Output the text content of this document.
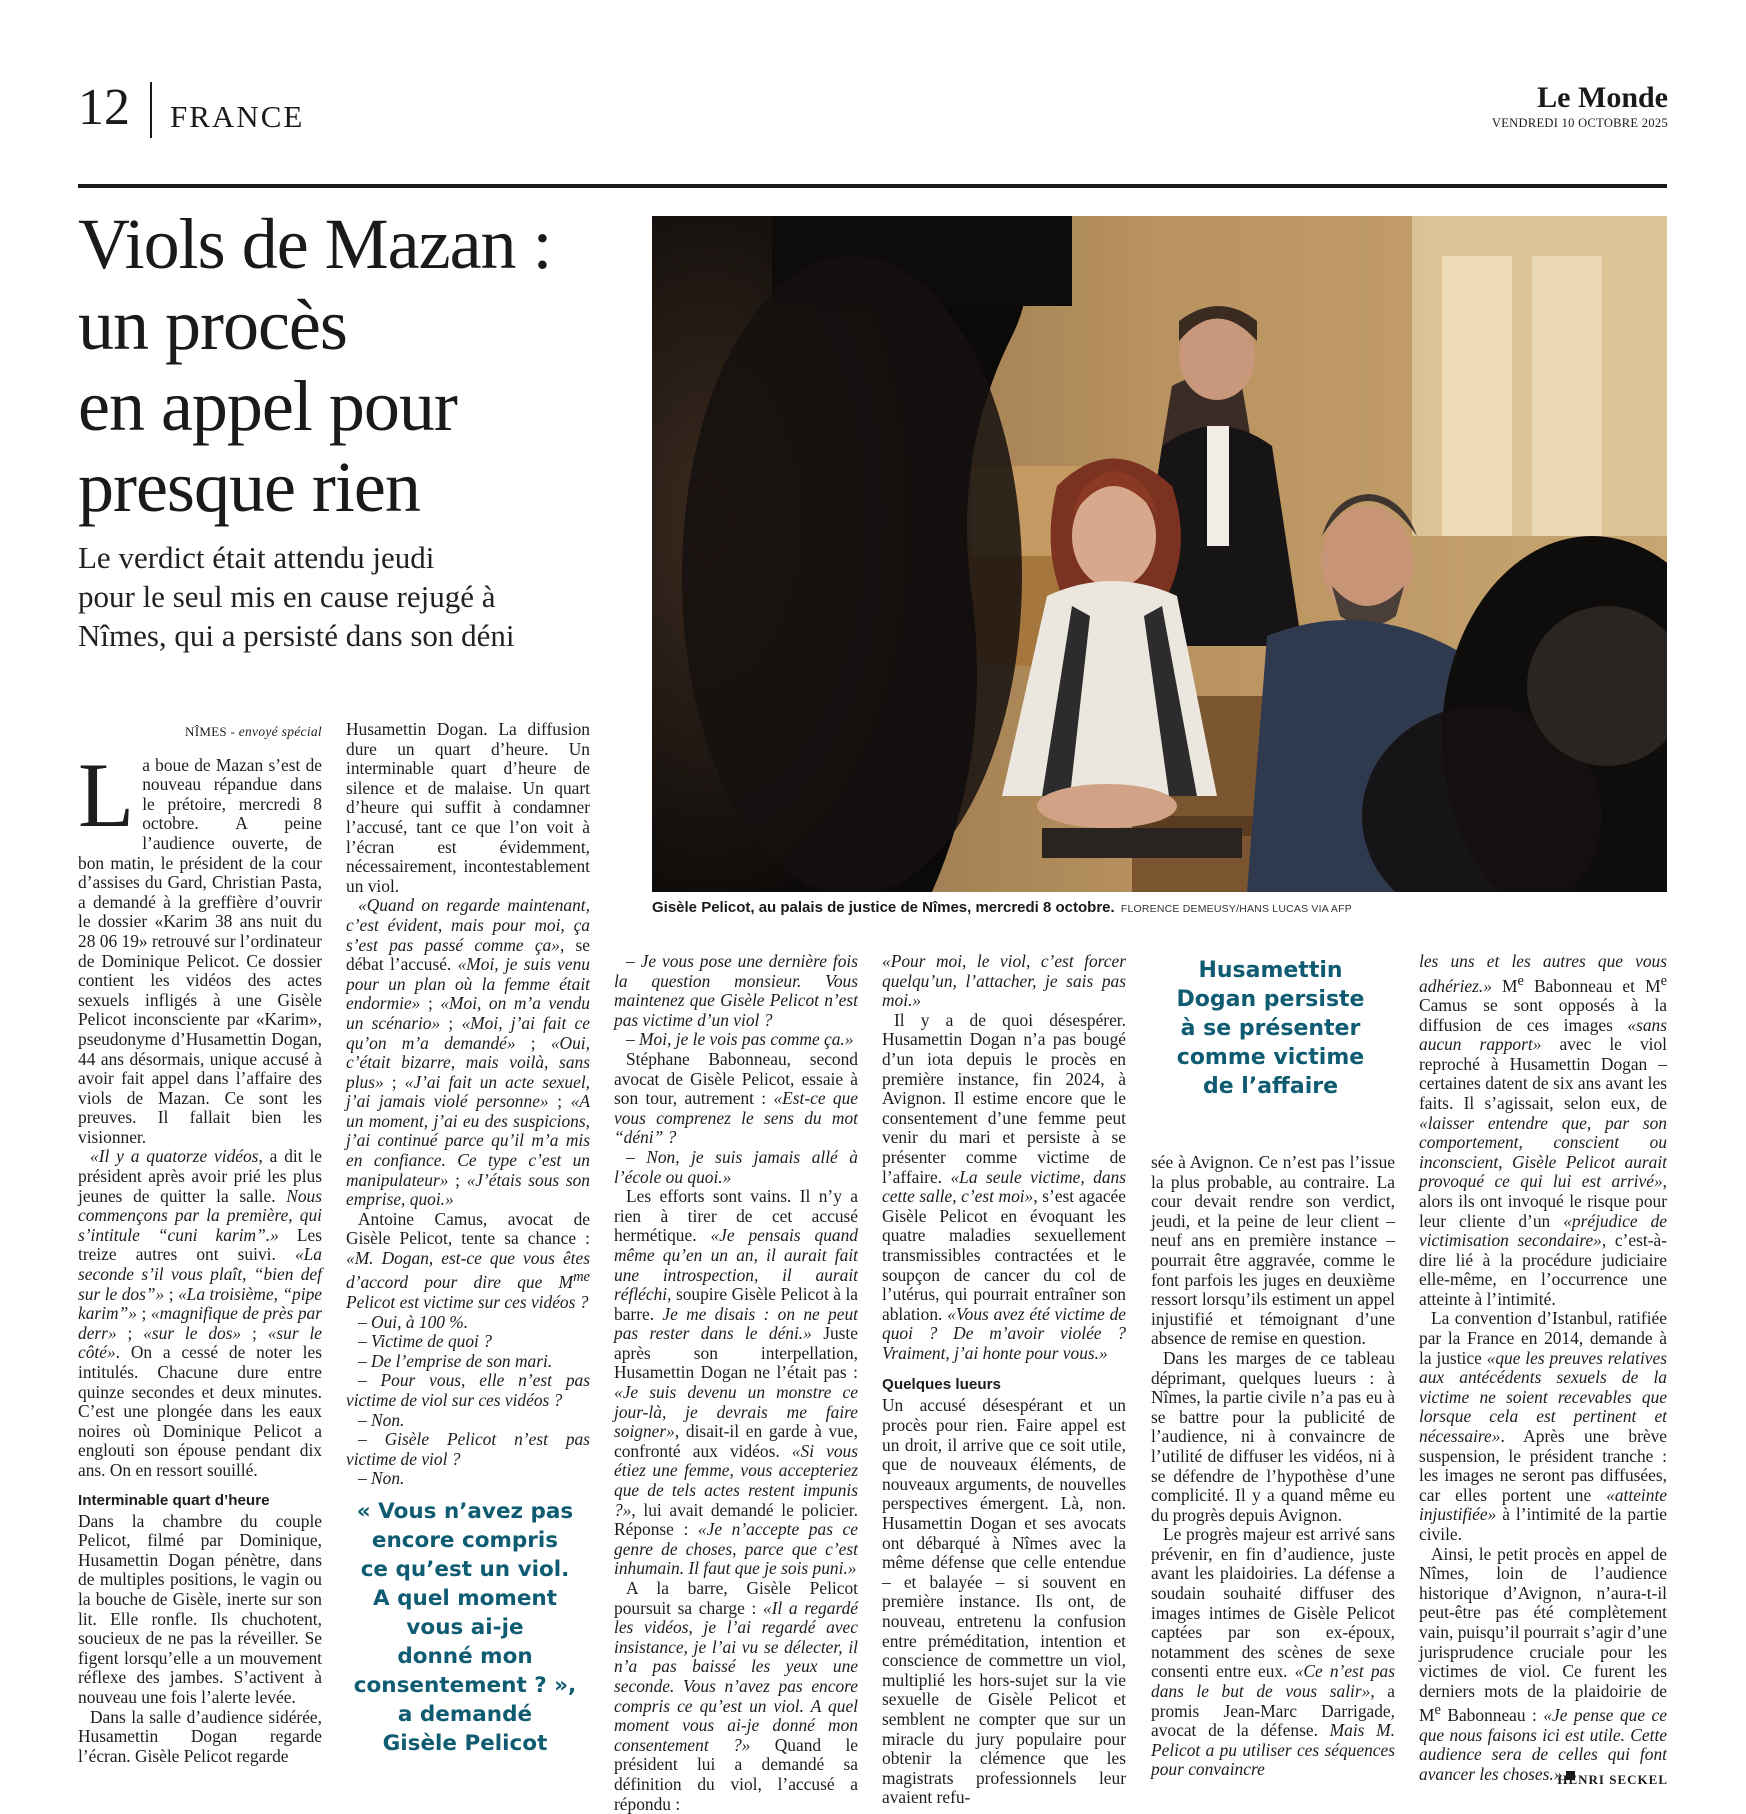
12 FRANCE
Le Monde
VENDREDI 10 OCTOBRE 2025
Viols de Mazan :
un procès
en appel pour
presque rien
Le verdict était attendu jeudi
pour le seul mis en cause rejugé à
Nîmes, qui a persisté dans son déni
Gisèle Pelicot, au palais de justice de Nîmes, mercredi 8 octobre. FLORENCE DEMEUSY/HANS LUCAS VIA AFP
NÎMES - envoyé spécial

La boue de Mazan s’est de nouveau répandue dans le prétoire, mercredi 8 octobre. A peine l’audience ouverte, de bon matin, le président de la cour d’assises du Gard, Christian Pasta, a demandé à la greffière d’ouvrir le dossier «Karim 38 ans nuit du 28 06 19» retrouvé sur l’ordinateur de Dominique Pelicot. Ce dossier contient les vidéos des actes sexuels infligés à une Gisèle Pelicot inconsciente par «Karim», pseudonyme d’Husamettin Dogan, 44 ans désormais, unique accusé à avoir fait appel dans l’affaire des viols de Mazan. Ce sont les preuves. Il fallait bien les visionner.

«Il y a quatorze vidéos, a dit le président après avoir prié les plus jeunes de quitter la salle. Nous commençons par la première, qui s’intitule “cuni karim”.» Les treize autres ont suivi. «La seconde s’il vous plaît, “bien def sur le dos”» ; «La troisième, “pipe karim”» ; «magnifique de près par derr» ; «sur le dos» ; «sur le côté». On a cessé de noter les intitulés. Chacune dure entre quinze secondes et deux minutes. C’est une plongée dans les eaux noires où Dominique Pelicot a englouti son épouse pendant dix ans. On en ressort souillé.

Interminable quart d’heure

Dans la chambre du couple Pelicot, filmé par Dominique, Husamettin Dogan pénètre, dans de multiples positions, le vagin ou la bouche de Gisèle, inerte sur son lit. Elle ronfle. Ils chuchotent, soucieux de ne pas la réveiller. Se figent lorsqu’elle a un mouvement réflexe des jambes. S’activent à nouveau une fois l’alerte levée.

Dans la salle d’audience sidérée, Husamettin Dogan regarde l’écran. Gisèle Pelicot regarde

Husamettin Dogan. La diffusion dure un quart d’heure. Un interminable quart d’heure de silence et de malaise. Un quart d’heure qui suffit à condamner l’accusé, tant ce que l’on voit à l’écran est évidemment, nécessairement, incontestablement un viol.

«Quand on regarde maintenant, c’est évident, mais pour moi, ça s’est pas passé comme ça», se débat l’accusé. «Moi, je suis venu pour un plan où la femme était endormie» ; «Moi, on m’a vendu un scénario» ; «Moi, j’ai fait ce qu’on m’a demandé» ; «Oui, c’était bizarre, mais voilà, sans plus» ; «J’ai fait un acte sexuel, j’ai jamais violé personne» ; «A un moment, j’ai eu des suspicions, j’ai continué parce qu’il m’a mis en confiance. Ce type c’est un manipulateur» ; «J’étais sous son emprise, quoi.»

Antoine Camus, avocat de Gisèle Pelicot, tente sa chance : «M. Dogan, est-ce que vous êtes d’accord pour dire que $M^{me}$ Pelicot est victime sur ces vidéos ?

– Oui, à 100 %.

– Victime de quoi ?

– De l’emprise de son mari.

– Pour vous, elle n’est pas victime de viol sur ces vidéos ?

– Non.

– Gisèle Pelicot n’est pas victime de viol ?

– Non.

« Vous n’avez pas
encore compris
ce qu’est un viol.
A quel moment
vous ai-je
donné mon
consentement ? »,
a demandé
Gisèle Pelicot

– Je vous pose une dernière fois la question monsieur. Vous maintenez que Gisèle Pelicot n’est pas victime d’un viol ?

– Moi, je le vois pas comme ça.»

Stéphane Babonneau, second avocat de Gisèle Pelicot, essaie à son tour, autrement : «Est-ce que vous comprenez le sens du mot “déni” ?

– Non, je suis jamais allé à l’école ou quoi.»

Les efforts sont vains. Il n’y a rien à tirer de cet accusé hermétique. «Je pensais quand même qu’en un an, il aurait fait une introspection, il aurait réfléchi, soupire Gisèle Pelicot à la barre. Je me disais : on ne peut pas rester dans le déni.» Juste après son interpellation, Husamettin Dogan ne l’était pas : «Je suis devenu un monstre ce jour-là, je devrais me faire soigner», disait-il en garde à vue, confronté aux vidéos. «Si vous étiez une femme, vous accepteriez que de tels actes restent impunis ?», lui avait demandé le policier. Réponse : «Je n’accepte pas ce genre de choses, parce que c’est inhumain. Il faut que je sois puni.»

A la barre, Gisèle Pelicot poursuit sa charge : «Il a regardé les vidéos, je l’ai regardé avec insistance, je l’ai vu se délecter, il n’a pas baissé les yeux une seconde. Vous n’avez pas encore compris ce qu’est un viol. A quel moment vous ai-je donné mon consentement ?» Quand le président lui a demandé sa définition du viol, l’accusé a répondu :

«Pour moi, le viol, c’est forcer quelqu’un, l’attacher, je sais pas moi.»

Il y a de quoi désespérer. Husamettin Dogan n’a pas bougé d’un iota depuis le procès en première instance, fin 2024, à Avignon. Il estime encore que le consentement d’une femme peut venir du mari et persiste à se présenter comme victime de l’affaire. «La seule victime, dans cette salle, c’est moi», s’est agacée Gisèle Pelicot en évoquant les quatre maladies sexuellement transmissibles contractées et le soupçon de cancer du col de l’utérus, qui pourrait entraîner son ablation. «Vous avez été victime de quoi ? De m’avoir violée ? Vraiment, j’ai honte pour vous.»

Quelques lueurs

Un accusé désespérant et un procès pour rien. Faire appel est un droit, il arrive que ce soit utile, que de nouveaux éléments, de nouveaux arguments, de nouvelles perspectives émergent. Là, non. Husamettin Dogan et ses avocats ont débarqué à Nîmes avec la même défense que celle entendue – et balayée – si souvent en première instance. Ils ont, de nouveau, entretenu la confusion entre préméditation, intention et conscience de commettre un viol, multiplié les hors-sujet sur la vie sexuelle de Gisèle Pelicot et semblent ne compter que sur un miracle du jury populaire pour obtenir la clémence que les magistrats professionnels leur avaient refu-

Husamettin
Dogan persiste
à se présenter
comme victime
de l’affaire

sée à Avignon. Ce n’est pas l’issue la plus probable, au contraire. La cour devait rendre son verdict, jeudi, et la peine de leur client – neuf ans en première instance – pourrait être aggravée, comme le font parfois les juges en deuxième ressort lorsqu’ils estiment un appel injustifié et témoignant d’une absence de remise en question.

Dans les marges de ce tableau déprimant, quelques lueurs : à Nîmes, la partie civile n’a pas eu à se battre pour la publicité de l’audience, ni à convaincre de l’utilité de diffuser les vidéos, ni à se défendre de l’hypothèse d’une complicité. Il y a quand même eu du progrès depuis Avignon.

Le progrès majeur est arrivé sans prévenir, en fin d’audience, juste avant les plaidoiries. La défense a soudain souhaité diffuser des images intimes de Gisèle Pelicot captées par son ex-époux, notamment des scènes de sexe consenti entre eux. «Ce n’est pas dans le but de vous salir», a promis Jean-Marc Darrigade, avocat de la défense. Mais M. Pelicot a pu utiliser ces séquences pour convaincre

les uns et les autres que vous adhériez.» Me Babonneau et Me Camus se sont opposés à la diffusion de ces images «sans aucun rapport» avec le viol reproché à Husamettin Dogan – certaines datent de six ans avant les faits. Il s’agissait, selon eux, de «laisser entendre que, par son comportement, conscient ou inconscient, Gisèle Pelicot aurait provoqué ce qui lui est arrivé», alors ils ont invoqué le risque pour leur cliente d’un «préjudice de victimisation secondaire», c’est-à-dire lié à la procédure judiciaire elle-même, en l’occurrence une atteinte à l’intimité.

La convention d’Istanbul, ratifiée par la France en 2014, demande à la justice «que les preuves relatives aux antécédents sexuels de la victime ne soient recevables que lorsque cela est pertinent et nécessaire». Après une brève suspension, le président tranche : les images ne seront pas diffusées, car elles portent une «atteinte injustifiée» à l’intimité de la partie civile.

Ainsi, le petit procès en appel de Nîmes, loin de l’audience historique d’Avignon, n’aura-t-il peut-être pas été complètement vain, puisqu’il pourrait s’agir d’une jurisprudence cruciale pour les victimes de viol. Ce furent les derniers mots de la plaidoirie de Me Babonneau : «Je pense que ce que nous faisons ici est utile. Cette audience sera de celles qui font avancer les choses.»

HENRI SECKEL
